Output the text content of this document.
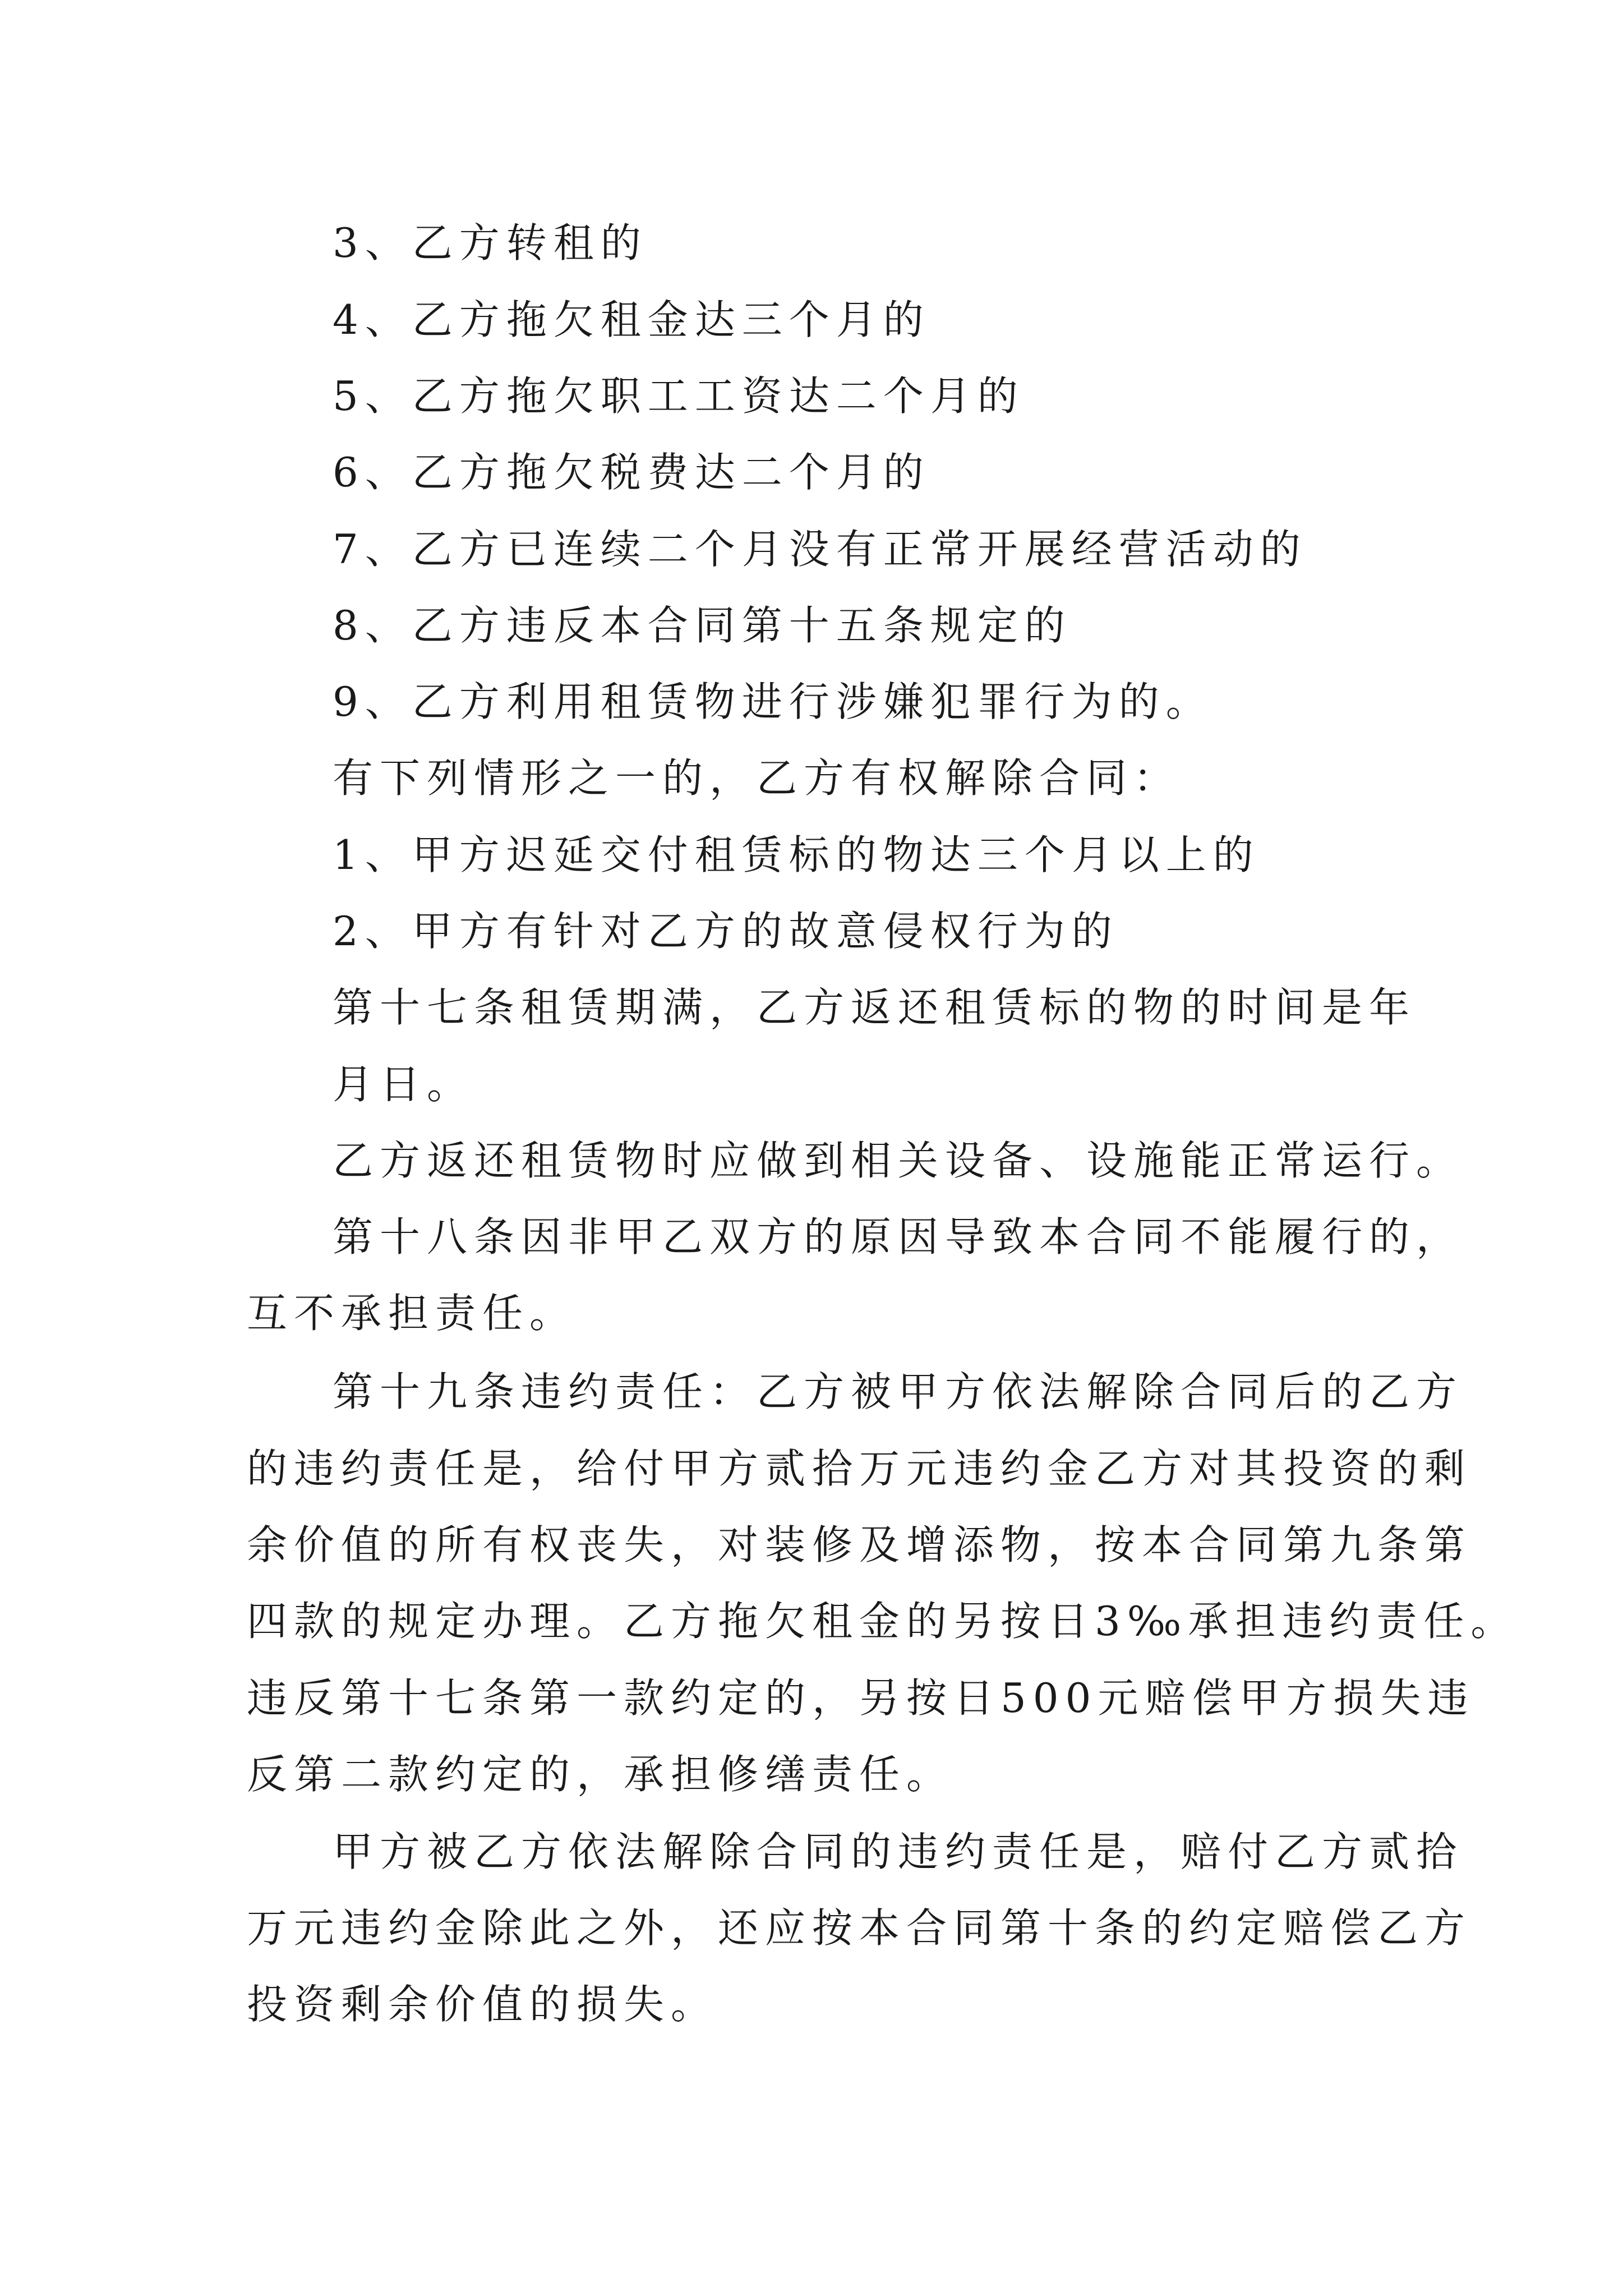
3、乙方转租的
4、乙方拖欠租金达三个月的
5、乙方拖欠职工工资达二个月的
6、乙方拖欠税费达二个月的
7、乙方已连续二个月没有正常开展经营活动的
8、乙方违反本合同第十五条规定的
9、乙方利用租赁物进行涉嫌犯罪行为的。
有下列情形之一的，乙方有权解除合同：
1、甲方迟延交付租赁标的物达三个月以上的
2、甲方有针对乙方的故意侵权行为的
第十七条租赁期满，乙方返还租赁标的物的时间是年
月日。
乙方返还租赁物时应做到相关设备、设施能正常运行。
第十八条因非甲乙双方的原因导致本合同不能履行的，
互不承担责任。
第十九条违约责任：乙方被甲方依法解除合同后的乙方
的违约责任是，给付甲方贰拾万元违约金乙方对其投资的剩
余价值的所有权丧失，对装修及增添物，按本合同第九条第
四款的规定办理。乙方拖欠租金的另按日3‰承担违约责任。
违反第十七条第一款约定的，另按日500元赔偿甲方损失违
反第二款约定的，承担修缮责任。
甲方被乙方依法解除合同的违约责任是，赔付乙方贰拾
万元违约金除此之外，还应按本合同第十条的约定赔偿乙方
投资剩余价值的损失。
